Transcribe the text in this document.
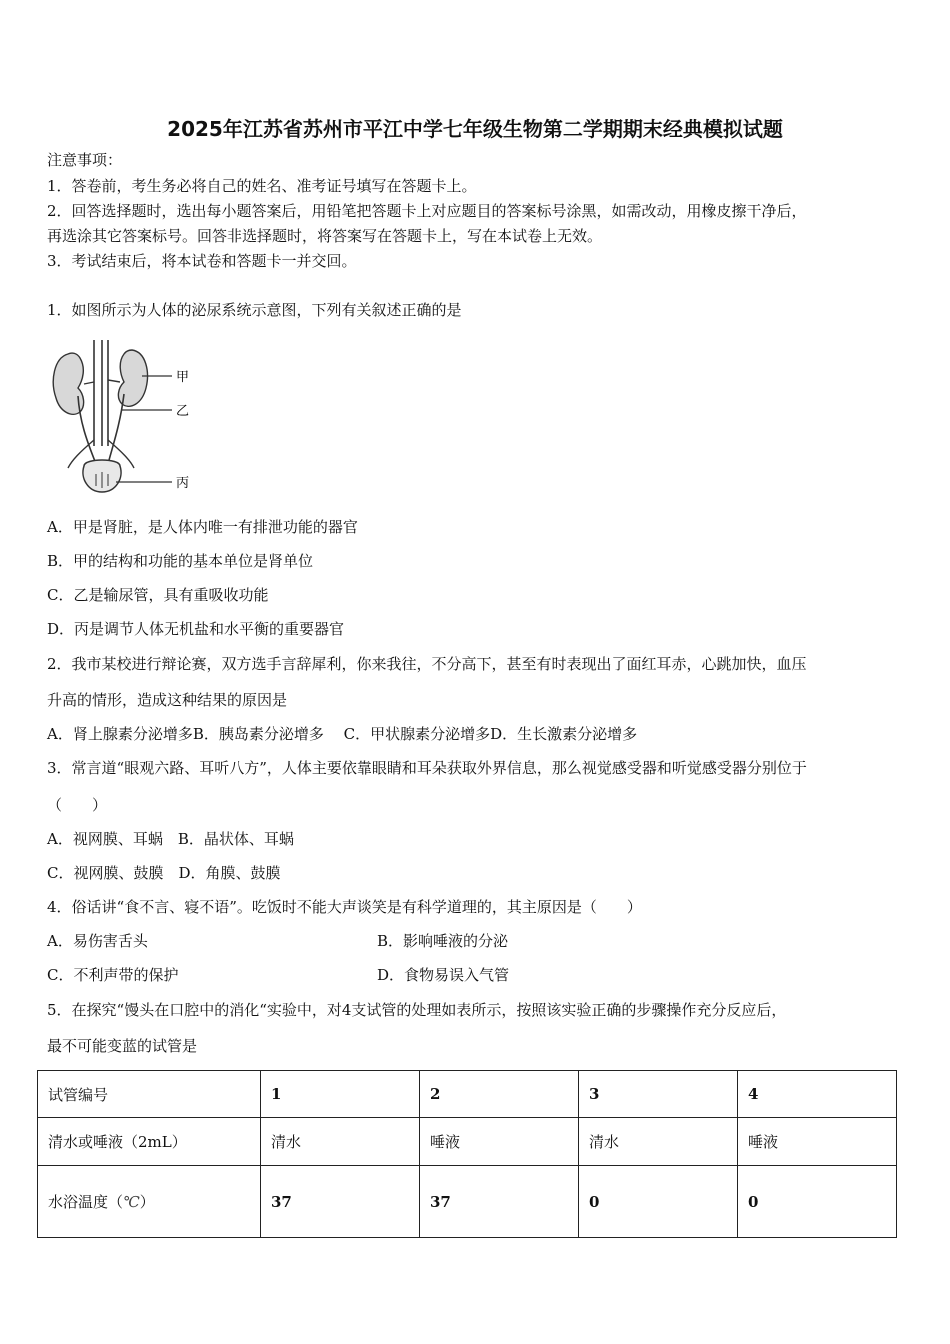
2025年江苏省苏州市平江中学七年级生物第二学期期末经典模拟试题
注意事项：
1．答卷前，考生务必将自己的姓名、准考证号填写在答题卡上。
2．回答选择题时，选出每小题答案后，用铅笔把答题卡上对应题目的答案标号涂黑，如需改动，用橡皮擦干净后，
再选涂其它答案标号。回答非选择题时，将答案写在答题卡上，写在本试卷上无效。
3．考试结束后，将本试卷和答题卡一并交回。
1．如图所示为人体的泌尿系统示意图，下列有关叙述正确的是
甲
乙
丙
A．甲是肾脏，是人体内唯一有排泄功能的器官
B．甲的结构和功能的基本单位是肾单位
C．乙是输尿管，具有重吸收功能
D．丙是调节人体无机盐和水平衡的重要器官
2．我市某校进行辩论赛，双方选手言辞犀利，你来我往，不分高下，甚至有时表现出了面红耳赤，心跳加快，血压
升高的情形，造成这种结果的原因是
A．肾上腺素分泌增多B．胰岛素分泌增多　 C．甲状腺素分泌增多D．生长激素分泌增多
3．常言道“眼观六路、耳听八方”，人体主要依靠眼睛和耳朵获取外界信息，那么视觉感受器和听觉感受器分别位于
（　　）
A．视网膜、耳蜗　B．晶状体、耳蜗
C．视网膜、鼓膜　D．角膜、鼓膜
4．俗话讲“食不言、寝不语”。吃饭时不能大声谈笑是有科学道理的，其主原因是（　　）
A．易伤害舌头	B．影响唾液的分泌
C．不利声带的保护	D．食物易误入气管
5．在探究“馒头在口腔中的消化“实验中，对4支试管的处理如表所示，按照该实验正确的步骤操作充分反应后，
最不可能变蓝的试管是
试管编号	1	2	3	4
清水或唾液（2mL）	清水	唾液	清水	唾液
水浴温度（℃）	37	37	0	0
